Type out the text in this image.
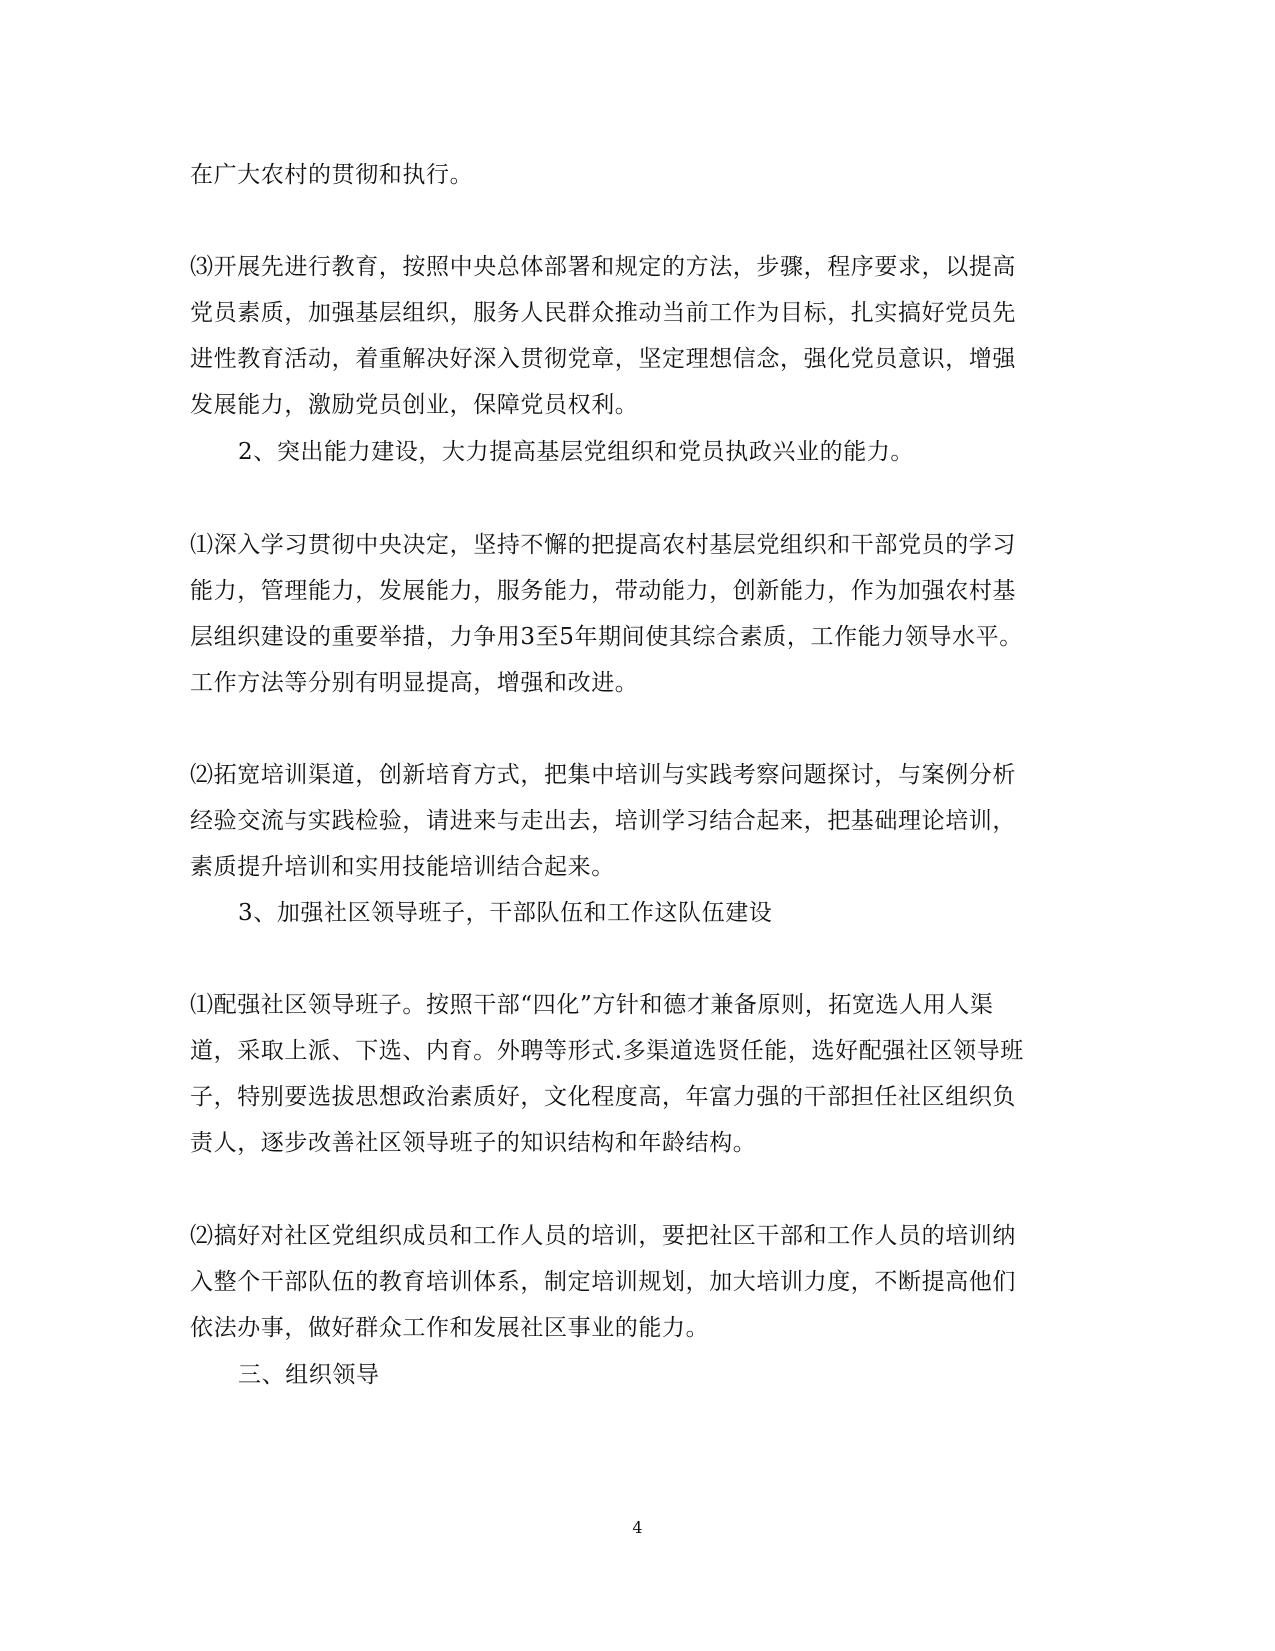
在广大农村的贯彻和执行。
⑶开展先进行教育，按照中央总体部署和规定的方法，步骤，程序要求，以提高
党员素质，加强基层组织，服务人民群众推动当前工作为目标，扎实搞好党员先
进性教育活动，着重解决好深入贯彻党章，坚定理想信念，强化党员意识，增强
发展能力，激励党员创业，保障党员权利。
2、突出能力建设，大力提高基层党组织和党员执政兴业的能力。
⑴深入学习贯彻中央决定，坚持不懈的把提高农村基层党组织和干部党员的学习
能力，管理能力，发展能力，服务能力，带动能力，创新能力，作为加强农村基
层组织建设的重要举措，力争用3至5年期间使其综合素质，工作能力领导水平。
工作方法等分别有明显提高，增强和改进。
⑵拓宽培训渠道，创新培育方式，把集中培训与实践考察问题探讨，与案例分析
经验交流与实践检验，请进来与走出去，培训学习结合起来，把基础理论培训，
素质提升培训和实用技能培训结合起来。
3、加强社区领导班子，干部队伍和工作这队伍建设
⑴配强社区领导班子。按照干部“四化”方针和德才兼备原则，拓宽选人用人渠
道，采取上派、下选、内育。外聘等形式.多渠道选贤任能，选好配强社区领导班
子，特别要选拔思想政治素质好，文化程度高，年富力强的干部担任社区组织负
责人，逐步改善社区领导班子的知识结构和年龄结构。
⑵搞好对社区党组织成员和工作人员的培训，要把社区干部和工作人员的培训纳
入整个干部队伍的教育培训体系，制定培训规划，加大培训力度，不断提高他们
依法办事，做好群众工作和发展社区事业的能力。
三、组织领导
4
